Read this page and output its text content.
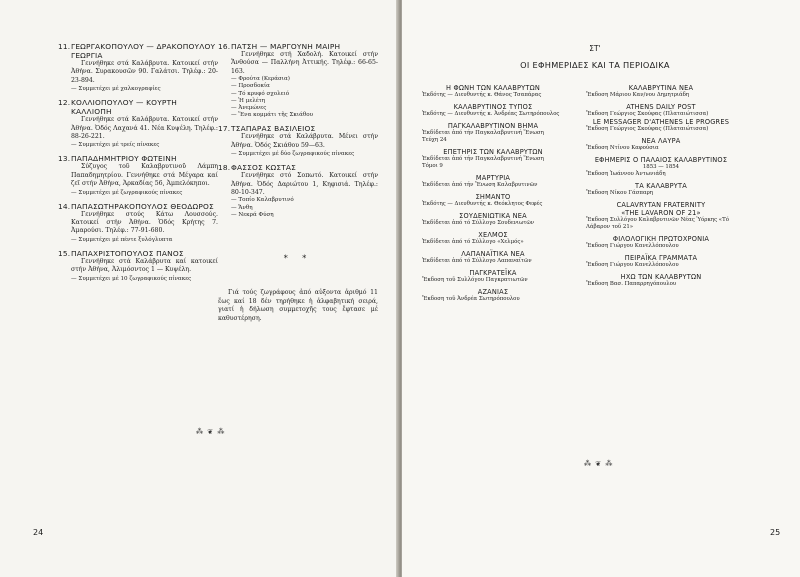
11. ΓΕΩΡΓΑΚΟΠΟΥΛΟΥ — ΔΡΑΚΟΠΟΥΛΟΥ ΓΕΩΡΓΙΑ
Γεννήθηκε στά Καλάβρυτα. Κατοικεί στήν Ἀθήνα. Συρακουσῶν 90. Γαλάτσι. Τηλέφ.: 20-23-894.
— Συμμετέχει μέ χαλκογραφίες
12. ΚΟΛΛΙΟΠΟΥΛΟΥ — ΚΟΥΡΤΗ ΚΑΛΛΙΟΠΗ
Γεννήθηκε στά Καλάβρυτα. Κατοικεί στήν Ἀθήνα. Ὁδός Λαχανά 41. Νέα Κυψέλη. Τηλέφ.: 88-26-221.
— Συμμετέχει μέ τρείς πίνακες
13. ΠΑΠΑΔΗΜΗΤΡΙΟΥ ΦΩΤΕΙΝΗ
Σύζυγος τοῦ Καλαβρυτινοῦ Λάμπη Παπαδημητρίου. Γεννήθηκε στά Μέγαρα καί ζεῖ στήν Ἀθήνα, Ἀρκαδίας 56, Ἀμπελόκηποι.
— Συμμετέχει μέ ζωγραφικούς πίνακες
14. ΠΑΠΑΣΩΤΗΡΑΚΟΠΟΥΛΟΣ ΘΕΟΔΩΡΟΣ
Γεννήθηκε στούς Κάτω Λουσσούς. Κατοικεί στήν Ἀθήνα. Ὁδός Κρήτης 7. Ἀμαρούσι. Τηλέφ.: 77-91-680.
— Συμμετέχει μέ πέντε ξυλόγλυπτα
15. ΠΑΠΑΧΡΙΣΤΟΠΟΥΛΟΣ ΠΑΝΟΣ
Γεννήθηκε στά Καλάβρυτα καί κατοικεί στήν Ἀθήνα, Ἀλιμόσντος 1 — Κυψέλη.
— Συμμετέχει μέ 10 ζωγραφικούς πίνακες
16. ΠΑΤΣΗ — ΜΑΡΓΟΥΝΗ ΜΑΙΡΗ
Γεννήθηκε στή Χαδολή. Κατοικεί στήν Ἄνθούσα — Παλλήνη Ἀττικής. Τηλέφ.: 66-65-163.
— Φρούτα (Κεράσια)
— Προσδοκία
— Τό κρυφό σχολειό
— Ἡ μελέτη
— Ἀνεμώνες
— Ἕνα κομμάτι τῆς Σκιάθου
17. ΤΣΑΠΑΡΑΣ ΒΑΣΙΛΕΙΟΣ
Γεννήθηκε στά Καλάβρυτα. Μένει στήν Ἀθήνα. Ὁδός Σκιάθου 59—63.
— Συμμετέχει μέ δύο ζωγραφικούς πίνακες
18. ΦΑΣΣΟΣ ΚΩΣΤΑΣ
Γεννήθηκε στό Σοπωτό. Κατοικεί στήν Ἀθήνα. Ὁδός Δαριώτου 1, Κηφισιά. Τηλέφ.: 80-10-347.
— Τοπίο Καλαβρυτινό
— Ἄνθη
— Νεκρά Φύση
* *
Γιά τούς ζωγράφους ἀπό αὐξοντα ἀριθμό 11 ἕως καί 18 δέν τηρήθηκε ἡ ἀλφαβητική σειρά, γιατί ἡ δήλωση συμμετοχῆς τους ἔφτασε μέ καθυστέρηση.
⁂ ❦ ⁂
24	25
⁂ ❦ ⁂
ΣΤ'
ΟΙ ΕΦΗΜΕΡΙΔΕΣ ΚΑΙ ΤΑ ΠΕΡΙΟΔΙΚΑ
Η ΦΩΝΗ ΤΩΝ ΚΑΛΑΒΡΥΤΩΝ
Ἐκδότης — Διευθυντής κ. Θάνος Τσαπάρας
ΚΑΛΑΒΡΥΤΙΝΟΣ ΤΥΠΟΣ
Ἐκδότης — Διευθυντής κ. Ἀνδρέας Σωτηρόπουλος
ΠΑΓΚΑΛΑΒΡΥΤΙΝΟΝ ΒΗΜΑ
Ἐκδίδεται ἀπό τήν Παγκαλαβρυτινή Ἕνωση
Τεύχη 24
ΕΠΕΤΗΡΙΣ ΤΩΝ ΚΑΛΑΒΡΥΤΩΝ
Ἐκδίδεται ἀπό τήν Παγκαλαβρυτινή Ἕνωση
Τόμοι 9
ΜΑΡΤΥΡΙΑ
Ἐκδίδεται ἀπό τήν Ἕνωση Καλαβρυτινῶν
ΣΗΜΑΝΤΟ
Ἐκδότης — Διευθυντής κ. Θεόκλητος Φεφές
ΣΟΥΔΕΝΙΩΤΙΚΑ ΝΕΑ
Ἐκδίδεται ἀπό τό Σύλλογο Σουδενιωτῶν
ΧΕΛΜΟΣ
Ἐκδίδεται ἀπό τό Σύλλογο «Χελμός»
ΛΑΠΑΝΑΪΤΙΚΑ ΝΕΑ
Ἐκδίδεται ἀπό τό Σύλλογο Λαπαναϊτῶν
ΠΑΓΚΡΑΤΕΪΚΑ
Ἔκδοση τοῦ Συλλόγου Παγκρατιωτῶν
ΑΖΑΝΙΑΣ
Ἔκδοση τοῦ Ἀνδρέα Σωτηρόπουλου
ΚΑΛΑΒΡΥΤΙΝΑ ΝΕΑ
Ἔκδοση Μάριου Καν/νου Δημητριάδη
ATHENS DAILY POST
Ἔκδοση Γεώργιος Σκούφας (Πλαταιώτισσα)
LE MESSAGER D'ATHENES LE PROGRES
Ἔκδοση Γεώργιος Σκούφας (Πλαταιώτισσα)
ΝΕΑ ΛΑΥΡΑ
Ἔκδοση Ντίνου Καφούσια
ΕΦΗΜΕΡΙΣ Ο ΠΑΛΑΙΟΣ ΚΑΛΑΒΡΥΤΙΝΟΣ
1853 — 1854
Ἔκδοση Ἰωάννου Ἀντωνιάδη
ΤΑ ΚΑΛΑΒΡΥΤΑ
Ἔκδοση Νίκου Γάσπαρη
CALAVRYTAN FRATERNITY
«THE LAVARON OF 21»
Ἔκδοση Συλλόγου Καλαβρυτινῶν Νέας Ὑόρκης «Τό Λάβαρον τοῦ 21»
ΦΙΛΟΛΟΓΙΚΗ ΠΡΩΤΟΧΡΟΝΙΑ
Ἔκδοση Γιώργου Κανελλόπουλου
ΠΕΙΡΑΪΚΑ ΓΡΑΜΜΑΤΑ
Ἔκδοση Γιώργου Κανελλόπουλου
ΗΧΩ ΤΩΝ ΚΑΛΑΒΡΥΤΩΝ
Ἔκδοση Βασ. Παπαρρηγόπουλου
